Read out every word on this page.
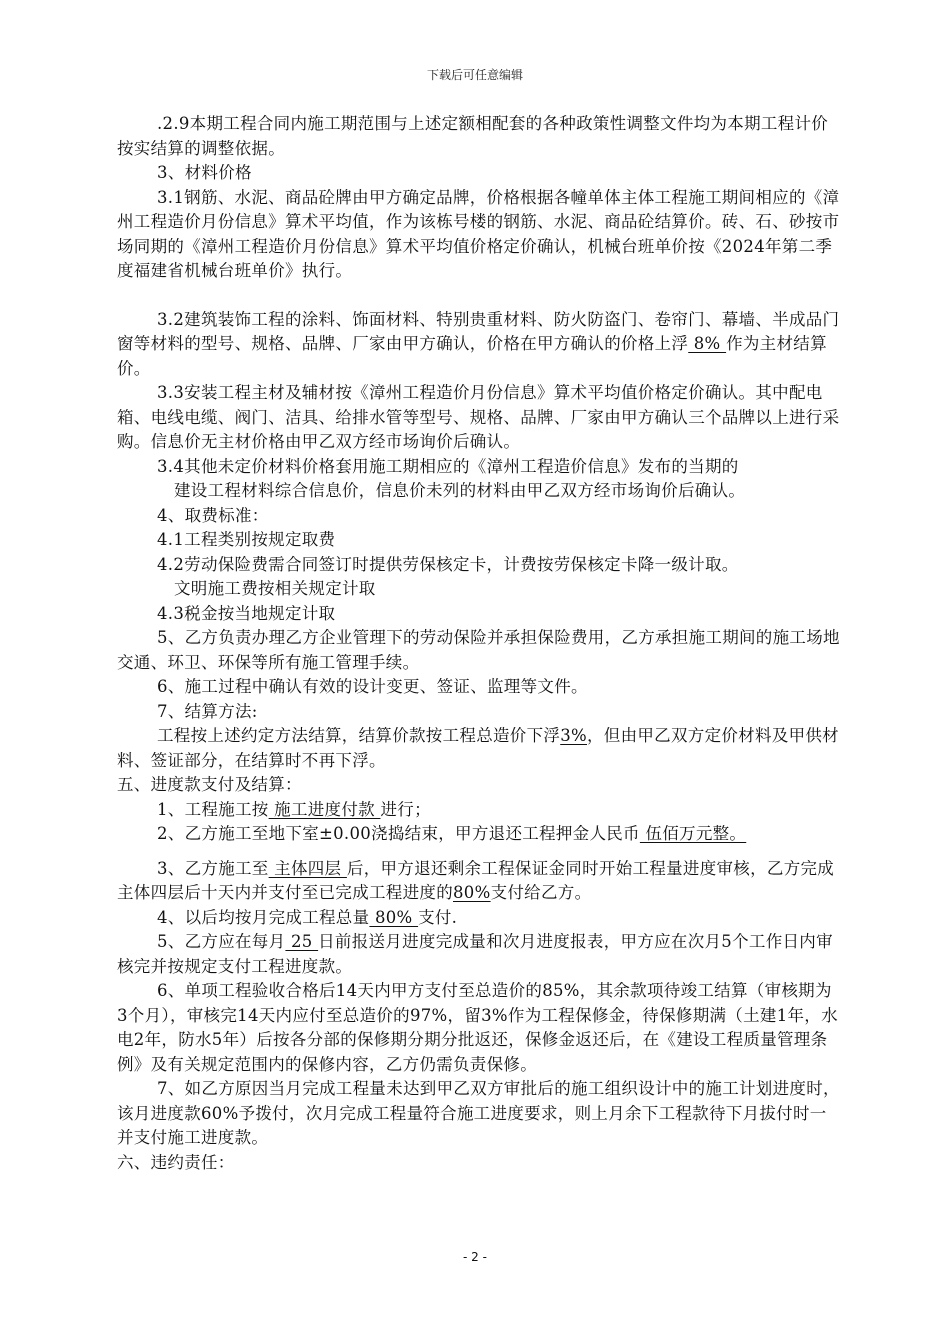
下载后可任意编辑

.2.9本期工程合同内施工期范围与上述定额相配套的各种政策性调整文件均为本期工程计价按实结算的调整依据。

3、材料价格

3.1钢筋、水泥、商品砼牌由甲方确定品牌，价格根据各幢单体主体工程施工期间相应的《漳州工程造价月份信息》算术平均值，作为该栋号楼的钢筋、水泥、商品砼结算价。砖、石、砂按市场同期的《漳州工程造价月份信息》算术平均值价格定价确认，机械台班单价按《2024年第二季度福建省机械台班单价》执行。

3.2建筑装饰工程的涂料、饰面材料、特别贵重材料、防火防盗门、卷帘门、幕墙、半成品门窗等材料的型号、规格、品牌、厂家由甲方确认，价格在甲方确认的价格上浮 8% 作为主材结算价。

3.3安装工程主材及辅材按《漳州工程造价月份信息》算术平均值价格定价确认。其中配电箱、电线电缆、阀门、洁具、给排水管等型号、规格、品牌、厂家由甲方确认三个品牌以上进行采购。信息价无主材价格由甲乙双方经市场询价后确认。

3.4其他未定价材料价格套用施工期相应的《漳州工程造价信息》发布的当期的

建设工程材料综合信息价，信息价未列的材料由甲乙双方经市场询价后确认。

4、取费标准：

4.1工程类别按规定取费

4.2劳动保险费需合同签订时提供劳保核定卡，计费按劳保核定卡降一级计取。

文明施工费按相关规定计取

4.3税金按当地规定计取

5、乙方负责办理乙方企业管理下的劳动保险并承担保险费用，乙方承担施工期间的施工场地交通、环卫、环保等所有施工管理手续。

6、施工过程中确认有效的设计变更、签证、监理等文件。

7、结算方法:

工程按上述约定方法结算，结算价款按工程总造价下浮3%，但由甲乙双方定价材料及甲供材料、签证部分，在结算时不再下浮。

五、进度款支付及结算：

1、工程施工按 施工进度付款 进行；

2、乙方施工至地下室±0.00浇捣结束，甲方退还工程押金人民币 伍佰万元整。

3、乙方施工至 主体四层 后，甲方退还剩余工程保证金同时开始工程量进度审核，乙方完成主体四层后十天内并支付至已完成工程进度的80%支付给乙方。

4、以后均按月完成工程总量 80% 支付.

5、乙方应在每月 25 日前报送月进度完成量和次月进度报表，甲方应在次月5个工作日内审核完并按规定支付工程进度款。

6、单项工程验收合格后14天内甲方支付至总造价的85%，其余款项待竣工结算（审核期为3个月），审核完14天内应付至总造价的97%，留3%作为工程保修金，待保修期满（土建1年，水电2年，防水5年）后按各分部的保修期分期分批返还，保修金返还后，在《建设工程质量管理条例》及有关规定范围内的保修内容，乙方仍需负责保修。

7、如乙方原因当月完成工程量未达到甲乙双方审批后的施工组织设计中的施工计划进度时，该月进度款60%予拨付，次月完成工程量符合施工进度要求，则上月余下工程款待下月拔付时一并支付施工进度款。

六、违约责任：

- 2 -
